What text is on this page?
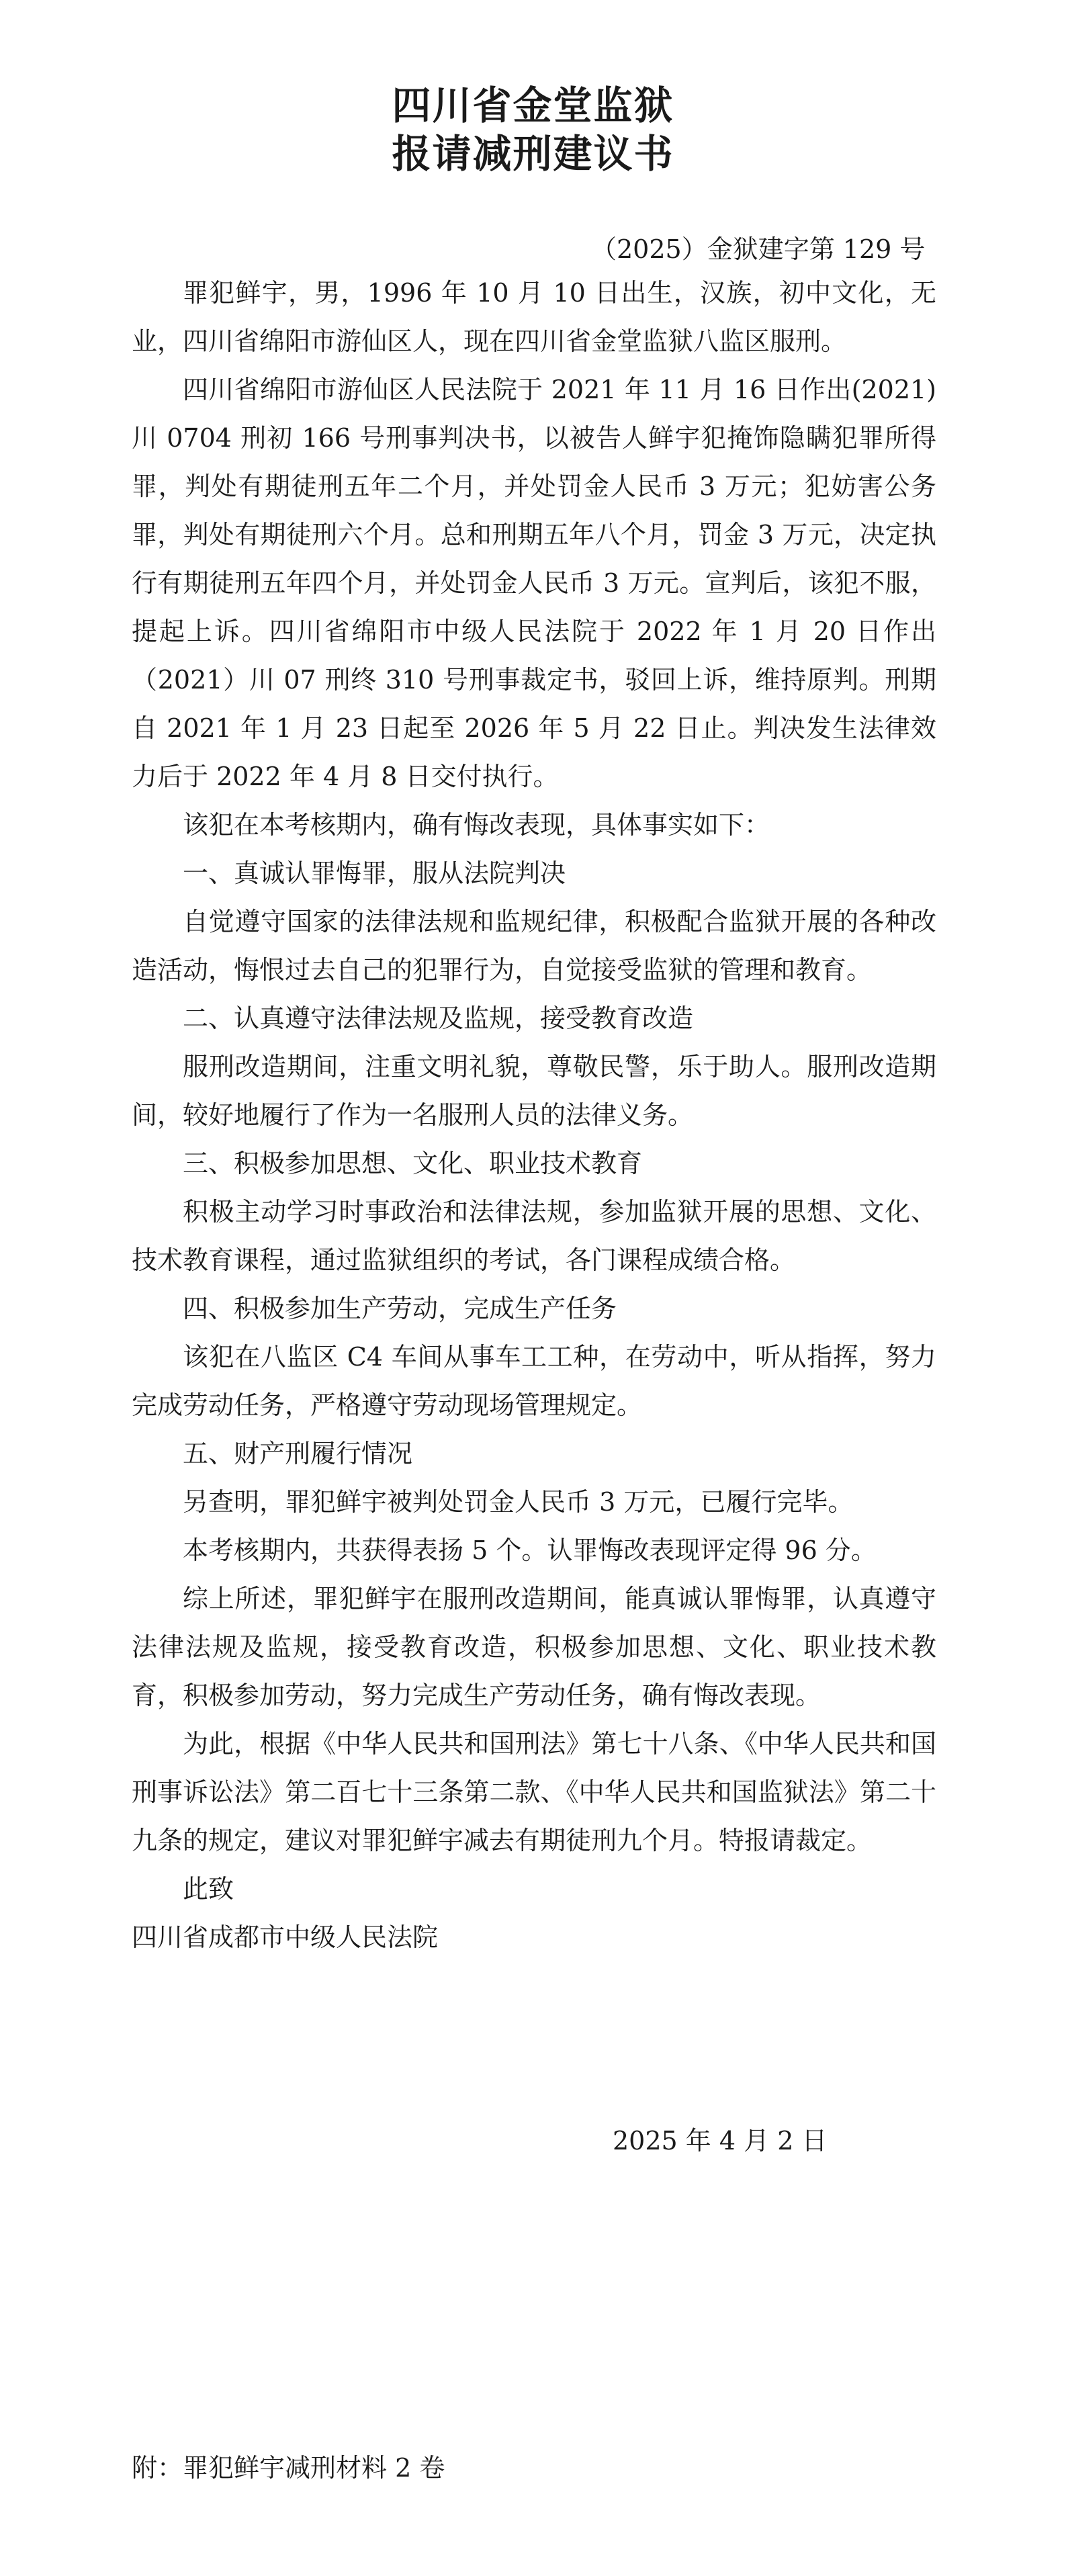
四川省金堂监狱
报请减刑建议书
（2025）金狱建字第 129 号

罪犯鲜宇，男，1996 年 10 月 10 日出生，汉族，初中文化，无业，四川省绵阳市游仙区人，现在四川省金堂监狱八监区服刑。

四川省绵阳市游仙区人民法院于 2021 年 11 月 16 日作出(2021)川 0704 刑初 166 号刑事判决书，以被告人鲜宇犯掩饰隐瞒犯罪所得罪，判处有期徒刑五年二个月，并处罚金人民币 3 万元；犯妨害公务罪，判处有期徒刑六个月。总和刑期五年八个月，罚金 3 万元，决定执行有期徒刑五年四个月，并处罚金人民币 3 万元。宣判后，该犯不服，提起上诉。四川省绵阳市中级人民法院于 2022 年 1 月 20 日作出（2021）川 07 刑终 310 号刑事裁定书，驳回上诉，维持原判。刑期自 2021 年 1 月 23 日起至 2026 年 5 月 22 日止。判决发生法律效力后于 2022 年 4 月 8 日交付执行。

该犯在本考核期内，确有悔改表现，具体事实如下：

一、真诚认罪悔罪，服从法院判决

自觉遵守国家的法律法规和监规纪律，积极配合监狱开展的各种改造活动，悔恨过去自己的犯罪行为，自觉接受监狱的管理和教育。

二、认真遵守法律法规及监规，接受教育改造

服刑改造期间，注重文明礼貌，尊敬民警，乐于助人。服刑改造期间，较好地履行了作为一名服刑人员的法律义务。

三、积极参加思想、文化、职业技术教育

积极主动学习时事政治和法律法规，参加监狱开展的思想、文化、技术教育课程，通过监狱组织的考试，各门课程成绩合格。

四、积极参加生产劳动，完成生产任务

该犯在八监区 C4 车间从事车工工种，在劳动中，听从指挥，努力完成劳动任务，严格遵守劳动现场管理规定。

五、财产刑履行情况

另查明，罪犯鲜宇被判处罚金人民币 3 万元，已履行完毕。

本考核期内，共获得表扬 5 个。认罪悔改表现评定得 96 分。

综上所述，罪犯鲜宇在服刑改造期间，能真诚认罪悔罪，认真遵守法律法规及监规，接受教育改造，积极参加思想、文化、职业技术教育，积极参加劳动，努力完成生产劳动任务，确有悔改表现。

为此，根据《中华人民共和国刑法》第七十八条、《中华人民共和国刑事诉讼法》第二百七十三条第二款、《中华人民共和国监狱法》第二十九条的规定，建议对罪犯鲜宇减去有期徒刑九个月。特报请裁定。

此致

四川省成都市中级人民法院

2025 年 4 月 2 日
附：罪犯鲜宇减刑材料 2 卷
